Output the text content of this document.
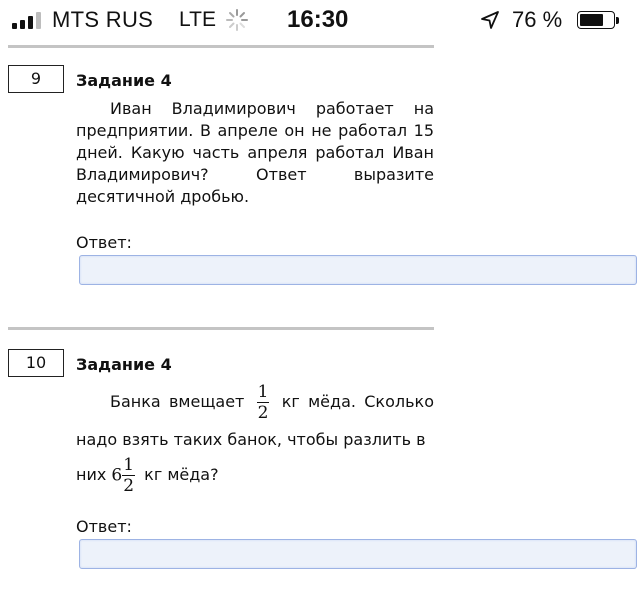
MTS RUS LTE	16:30	76 %
9	Задание 4

Иван Владимирович работает на предприятии. В апреле он не работал 15 дней. Какую часть апреля работал Иван Владимирович? Ответ выразите десятичной дробью.

Ответ:
10	Задание 4
Банка вмещает $\frac{1}{2}$ кг мёда. Сколько
надо взять таких банок, чтобы разлить в
них $6 \frac{1}{2}$ кг мёда?
Ответ:
